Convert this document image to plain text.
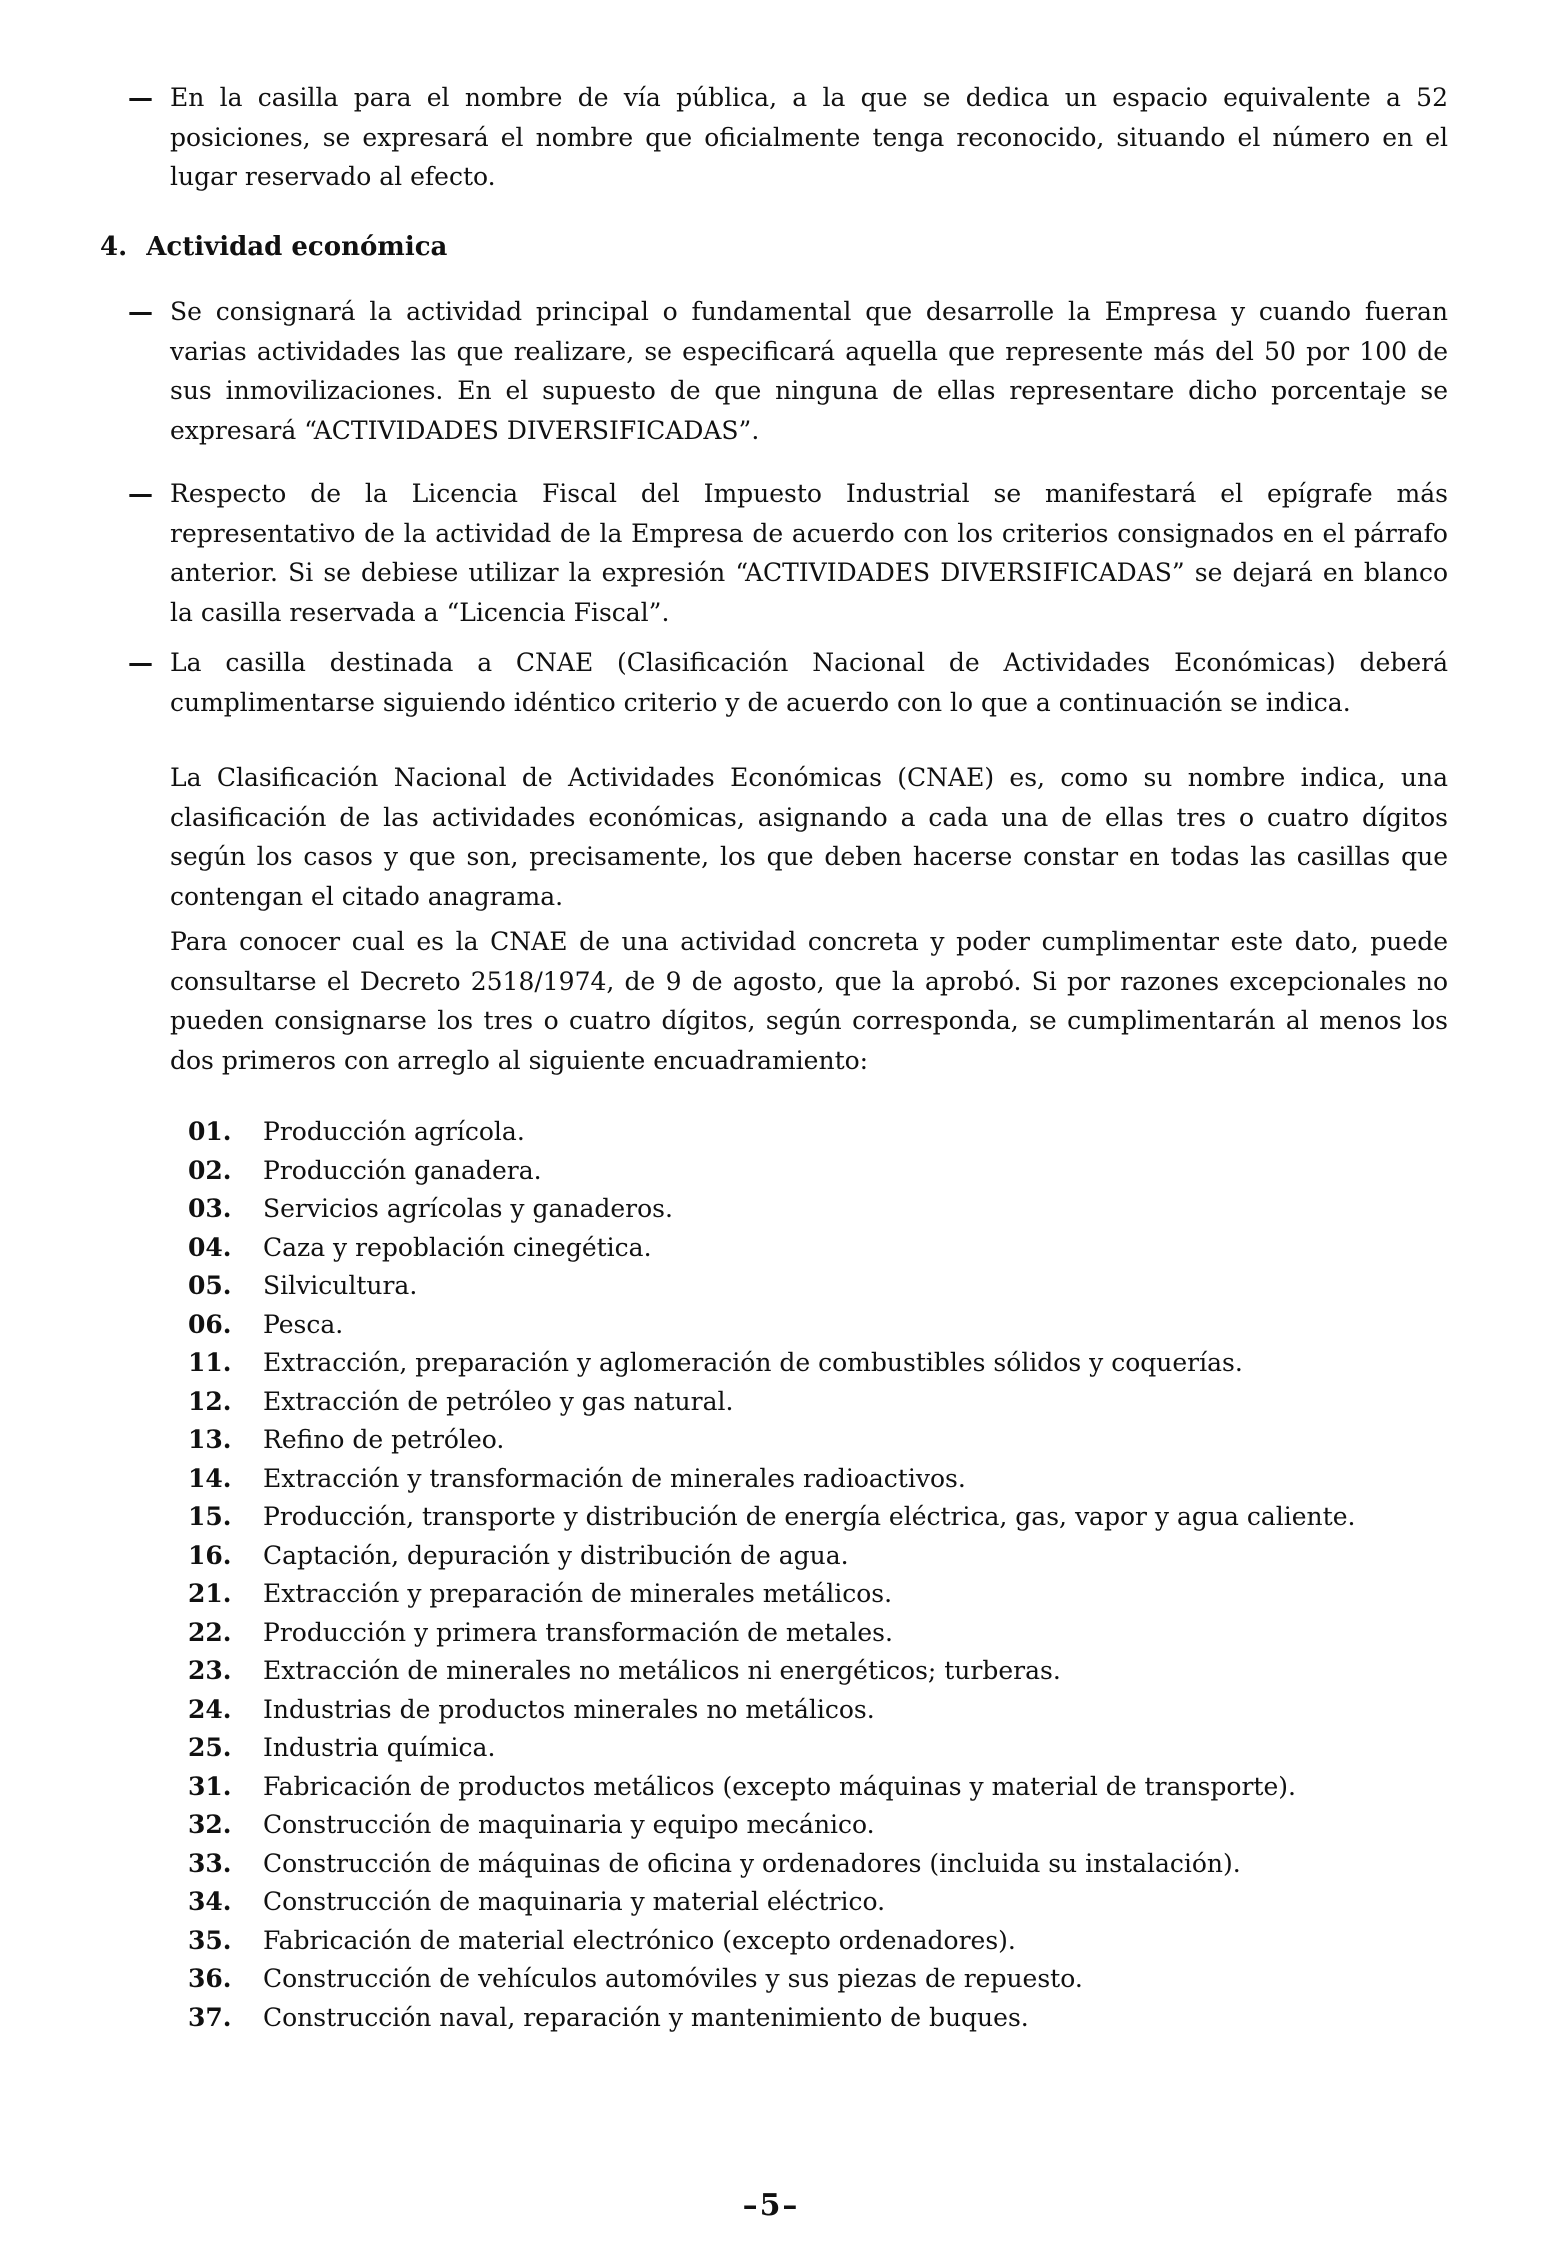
— En la casilla para el nombre de vía pública, a la que se dedica un espacio equivalente a 52 posiciones, se expresará el nombre que oficialmente tenga reconocido, situando el número en el lugar reservado al efecto.
4. Actividad económica
— Se consignará la actividad principal o fundamental que desarrolle la Empresa y cuando fueran varias actividades las que realizare, se especificará aquella que represente más del 50 por 100 de sus inmovilizaciones. En el supuesto de que ninguna de ellas representare dicho porcentaje se expresará “ACTIVIDADES DIVERSIFICADAS”.
— Respecto de la Licencia Fiscal del Impuesto Industrial se manifestará el epígrafe más representativo de la actividad de la Empresa de acuerdo con los criterios consignados en el párrafo anterior. Si se debiese utilizar la expresión “ACTIVIDADES DIVERSIFICADAS” se dejará en blanco la casilla reservada a “Licencia Fiscal”.
— La casilla destinada a CNAE (Clasificación Nacional de Actividades Económicas) deberá cumplimentarse siguiendo idéntico criterio y de acuerdo con lo que a continuación se indica.
La Clasificación Nacional de Actividades Económicas (CNAE) es, como su nombre indica, una clasificación de las actividades económicas, asignando a cada una de ellas tres o cuatro dígitos según los casos y que son, precisamente, los que deben hacerse constar en todas las casillas que contengan el citado anagrama.
Para conocer cual es la CNAE de una actividad concreta y poder cumplimentar este dato, puede consultarse el Decreto 2518/1974, de 9 de agosto, que la aprobó. Si por razones excepcionales no pueden consignarse los tres o cuatro dígitos, según corresponda, se cumplimentarán al menos los dos primeros con arreglo al siguiente encuadramiento:
01.	Producción agrícola.
02.	Producción ganadera.
03.	Servicios agrícolas y ganaderos.
04.	Caza y repoblación cinegética.
05.	Silvicultura.
06.	Pesca.
11.	Extracción, preparación y aglomeración de combustibles sólidos y coquerías.
12.	Extracción de petróleo y gas natural.
13.	Refino de petróleo.
14.	Extracción y transformación de minerales radioactivos.
15.	Producción, transporte y distribución de energía eléctrica, gas, vapor y agua caliente.
16.	Captación, depuración y distribución de agua.
21.	Extracción y preparación de minerales metálicos.
22.	Producción y primera transformación de metales.
23.	Extracción de minerales no metálicos ni energéticos; turberas.
24.	Industrias de productos minerales no metálicos.
25.	Industria química.
31.	Fabricación de productos metálicos (excepto máquinas y material de transporte).
32.	Construcción de maquinaria y equipo mecánico.
33.	Construcción de máquinas de oficina y ordenadores (incluida su instalación).
34.	Construcción de maquinaria y material eléctrico.
35.	Fabricación de material electrónico (excepto ordenadores).
36.	Construcción de vehículos automóviles y sus piezas de repuesto.
37.	Construcción naval, reparación y mantenimiento de buques.
–5–
